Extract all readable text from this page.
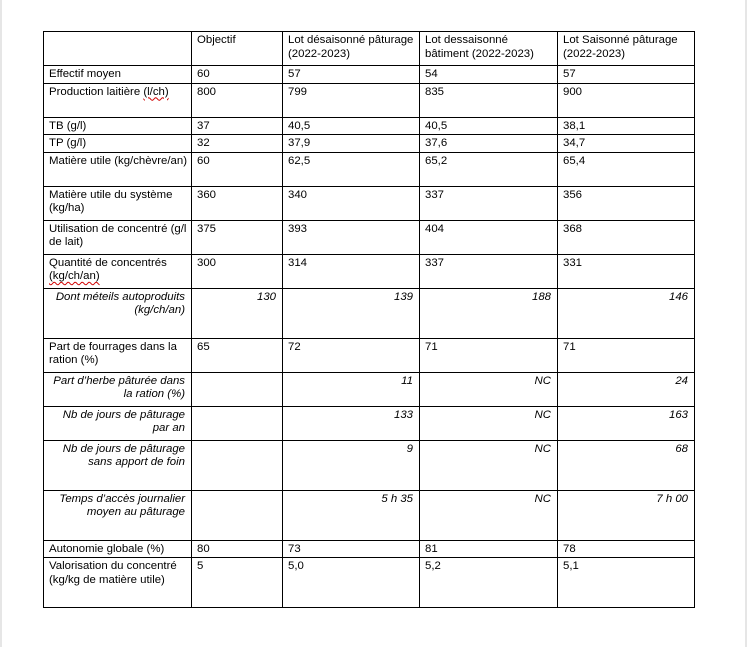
	Objectif	Lot désaisonné pâturage (2022-2023)	Lot dessaisonné bâtiment (2022-2023)	Lot Saisonné pâturage (2022-2023)
Effectif moyen	60	57	54	57
Production laitière (l/ch)	800	799	835	900
TB (g/l)	37	40,5	40,5	38,1
TP (g/l)	32	37,9	37,6	34,7
Matière utile (kg/chèvre/an)	60	62,5	65,2	65,4
Matière utile du système (kg/ha)	360	340	337	356
Utilisation de concentré (g/l de lait)	375	393	404	368
Quantité de concentrés (kg/ch/an)	300	314	337	331
Dont méteils autoproduits (kg/ch/an)	130	139	188	146
Part de fourrages dans la ration (%)	65	72	71	71
Part d’herbe pâturée dans la ration (%)		11	NC	24
Nb de jours de pâturage par an		133	NC	163
Nb de jours de pâturage sans apport de foin		9	NC	68
Temps d’accès journalier moyen au pâturage		5 h 35	NC	7 h 00
Autonomie globale (%)	80	73	81	78
Valorisation du concentré (kg/kg de matière utile)	5	5,0	5,2	5,1
